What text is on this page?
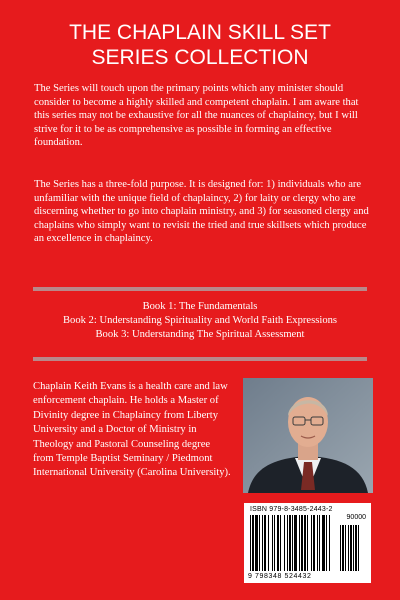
THE CHAPLAIN SKILL SET
SERIES COLLECTION

The Series will touch upon the primary points which any minister should consider to become a highly skilled and competent chaplain. I am aware that this series may not be exhaustive for all the nuances of chaplaincy, but I will strive for it to be as comprehensive as possible in forming an effective foundation.

The Series has a three-fold purpose. It is designed for: 1) individuals who are unfamiliar with the unique field of chaplaincy, 2) for laity or clergy who are discerning whether to go into chaplain ministry, and 3) for seasoned clergy and chaplains who simply want to revisit the tried and true skillsets which produce an excellence in chaplaincy.

Book 1: The Fundamentals
Book 2: Understanding Spirituality and World Faith Expressions
Book 3: Understanding The Spiritual Assessment

Chaplain Keith Evans is a health care and law enforcement chaplain. He holds a Master of Divinity degree in Chaplaincy from Liberty University and a Doctor of Ministry in Theology and Pastoral Counseling degree from Temple Baptist Seminary / Piedmont International University (Carolina University).

ISBN 979-8-3485-2443-2
90000
9 798348 524432
